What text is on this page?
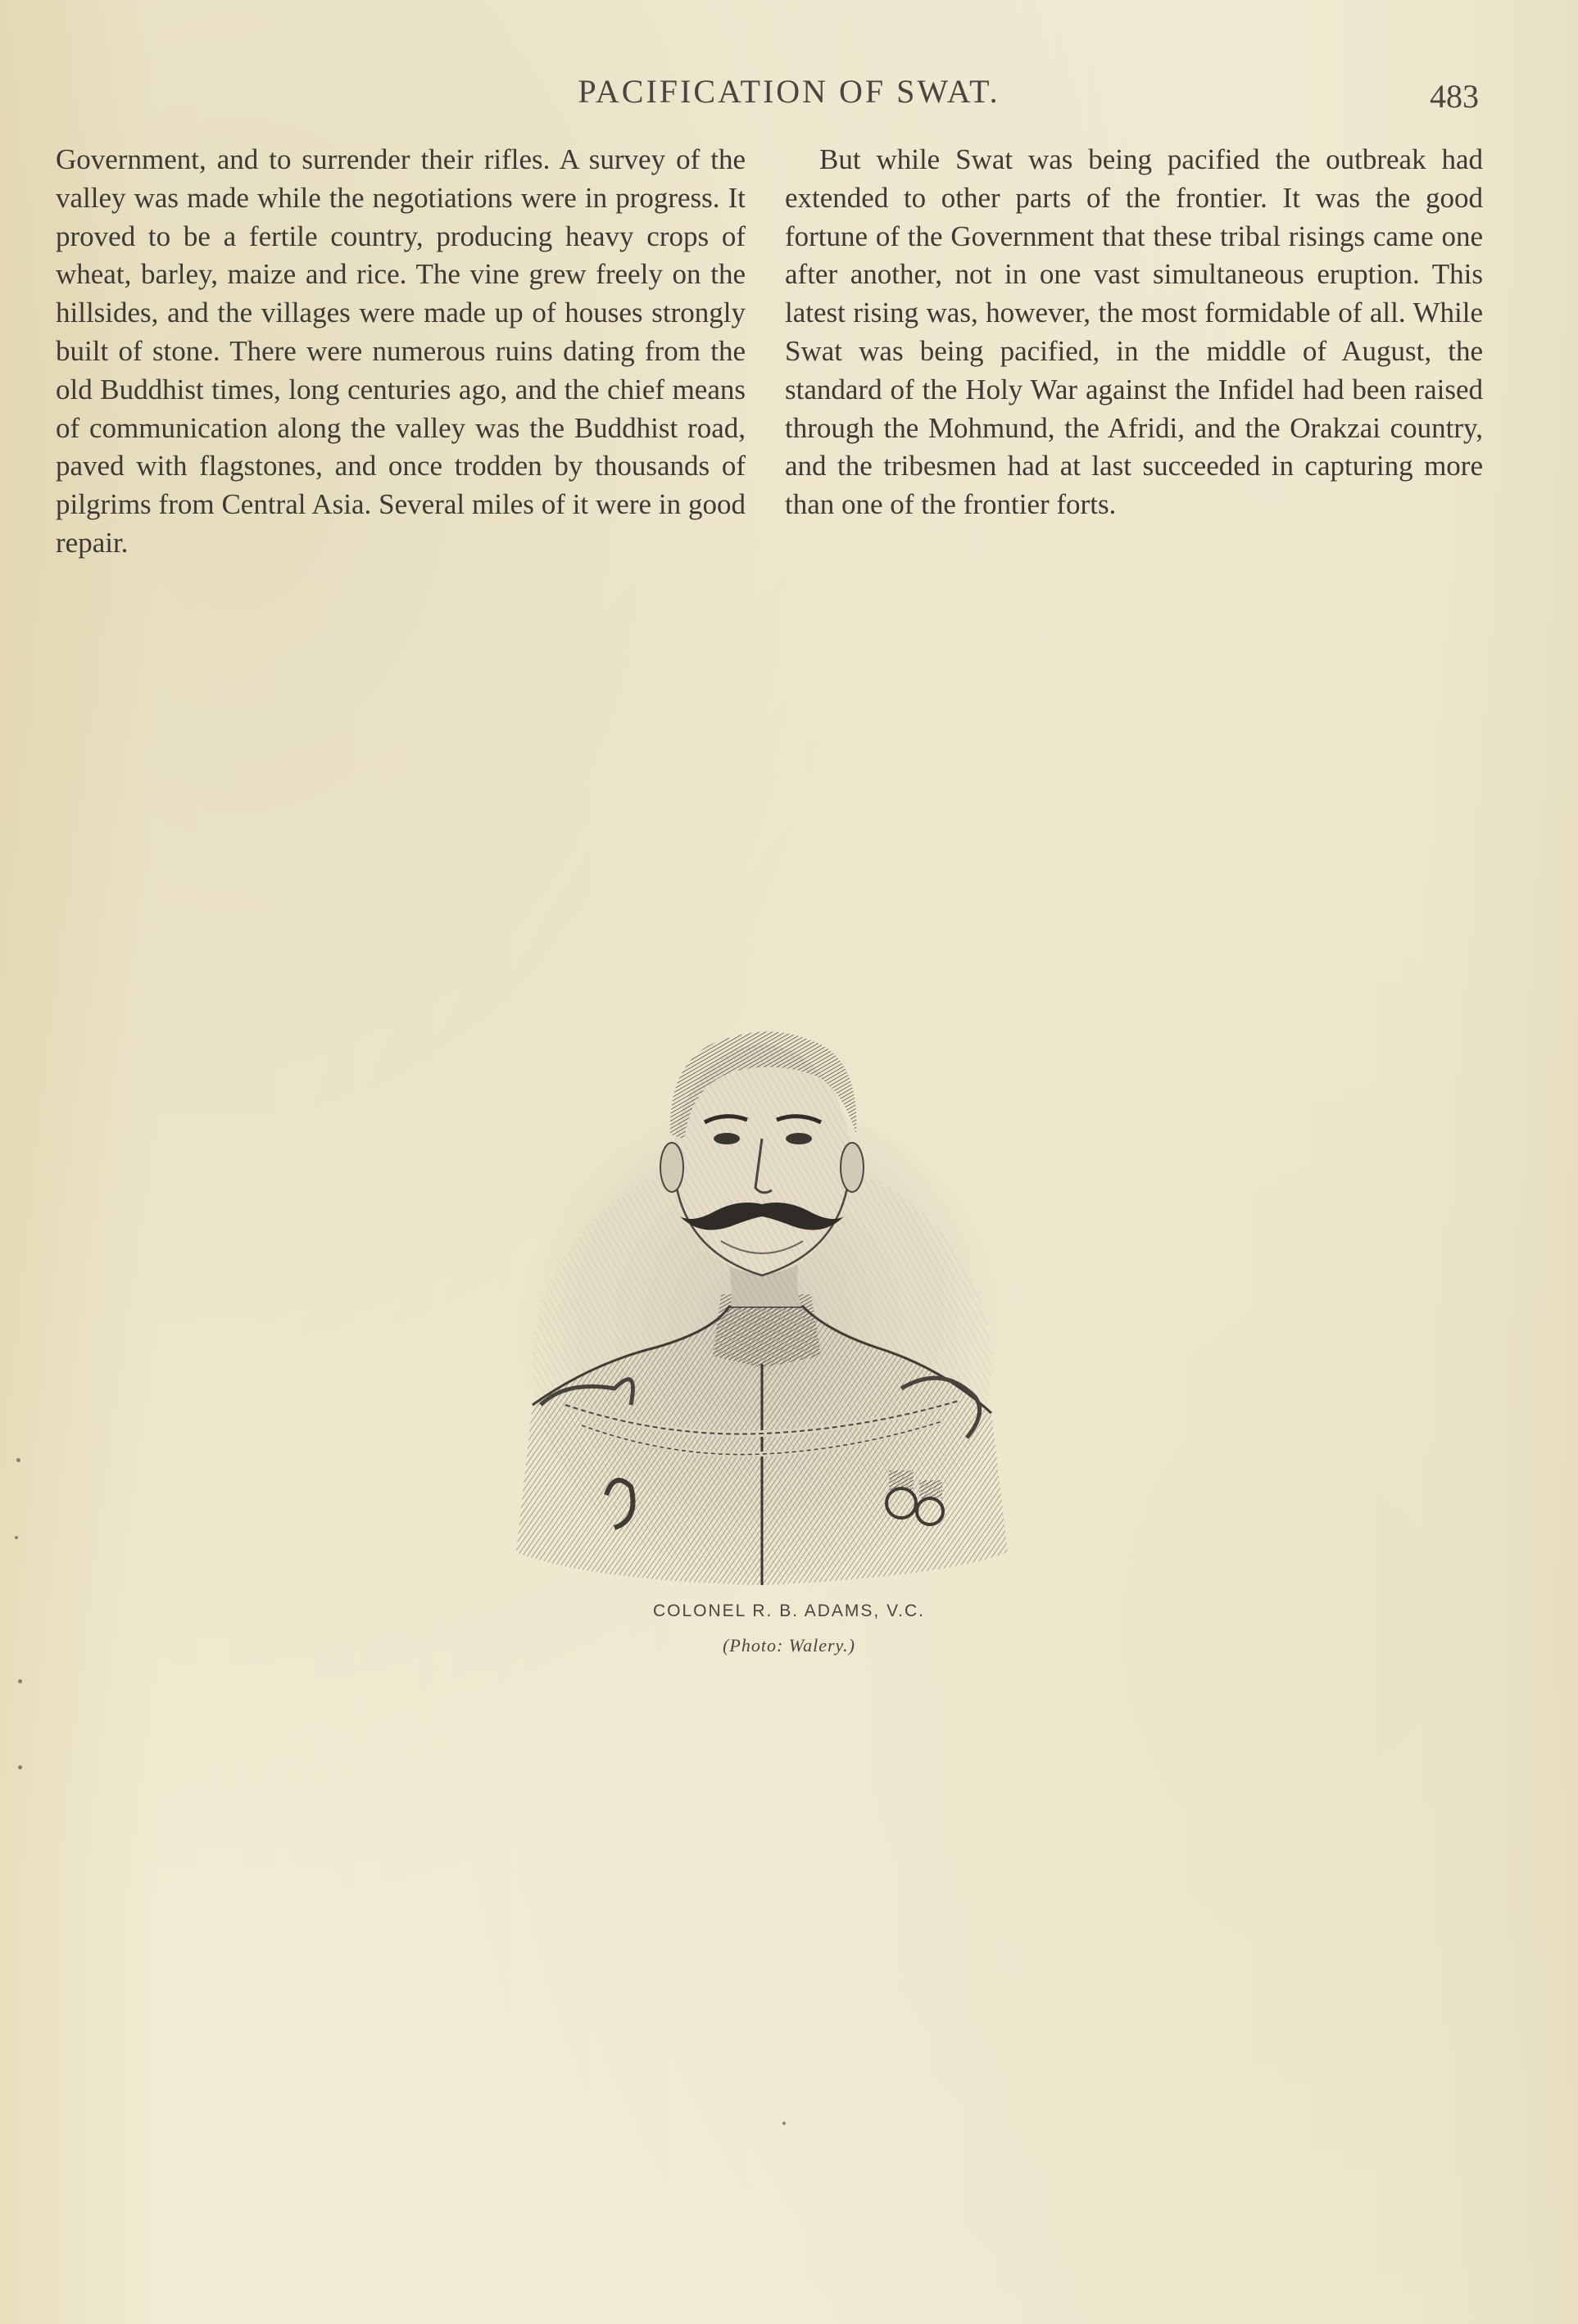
PACIFICATION OF SWAT.	483

Government, and to surrender their rifles. A survey of the valley was made while the negotiations were in progress. It proved to be a fertile country, producing heavy crops of wheat, barley, maize and rice. The vine grew freely on the hillsides, and the villages were made up of houses strongly built of stone. There were numerous ruins dating from the old Buddhist times, long centuries ago, and the chief means of communication along the valley was the Buddhist road, paved with flagstones, and once trodden by thousands of pilgrims from Central Asia. Several miles of it were in good repair.

But while Swat was being pacified the outbreak had extended to other parts of the frontier. It was the good fortune of the Government that these tribal risings came one after another, not in one vast simultaneous eruption. This latest rising was, however, the most formidable of all. While Swat was being pacified, in the middle of August, the standard of the Holy War against the Infidel had been raised through the Mohmund, the Afridi, and the Orakzai country, and the tribesmen had at last succeeded in capturing more than one of the frontier forts.

COLONEL R. B. ADAMS, V.C.
(Photo: Walery.)
